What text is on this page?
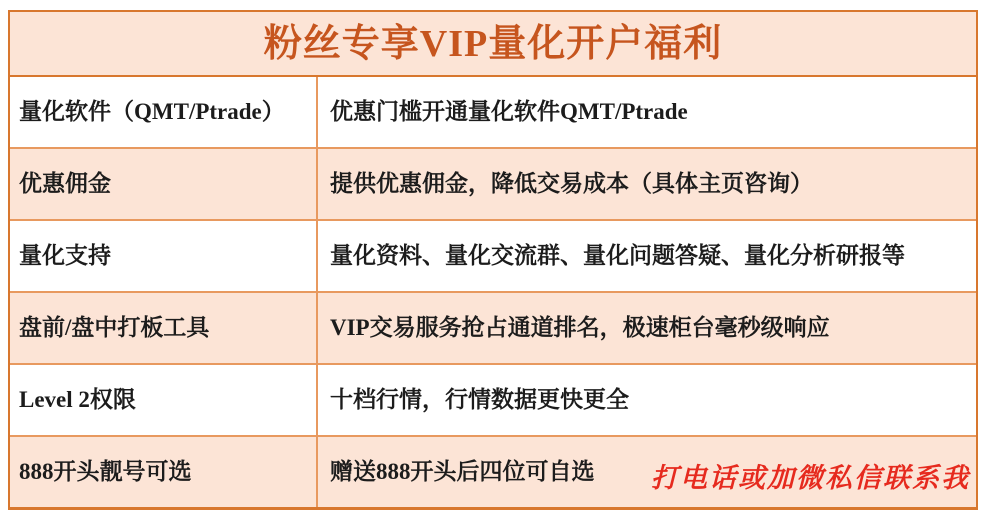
粉丝专享VIP量化开户福利
量化软件（QMT/Ptrade）	优惠门槛开通量化软件QMT/Ptrade
优惠佣金	提供优惠佣金，降低交易成本（具体主页咨询）
量化支持	量化资料、量化交流群、量化问题答疑、量化分析研报等
盘前/盘中打板工具	VIP交易服务抢占通道排名，极速柜台毫秒级响应
Level 2权限	十档行情，行情数据更快更全
888开头靓号可选	赠送888开头后四位可自选	打电话或加微私信联系我
